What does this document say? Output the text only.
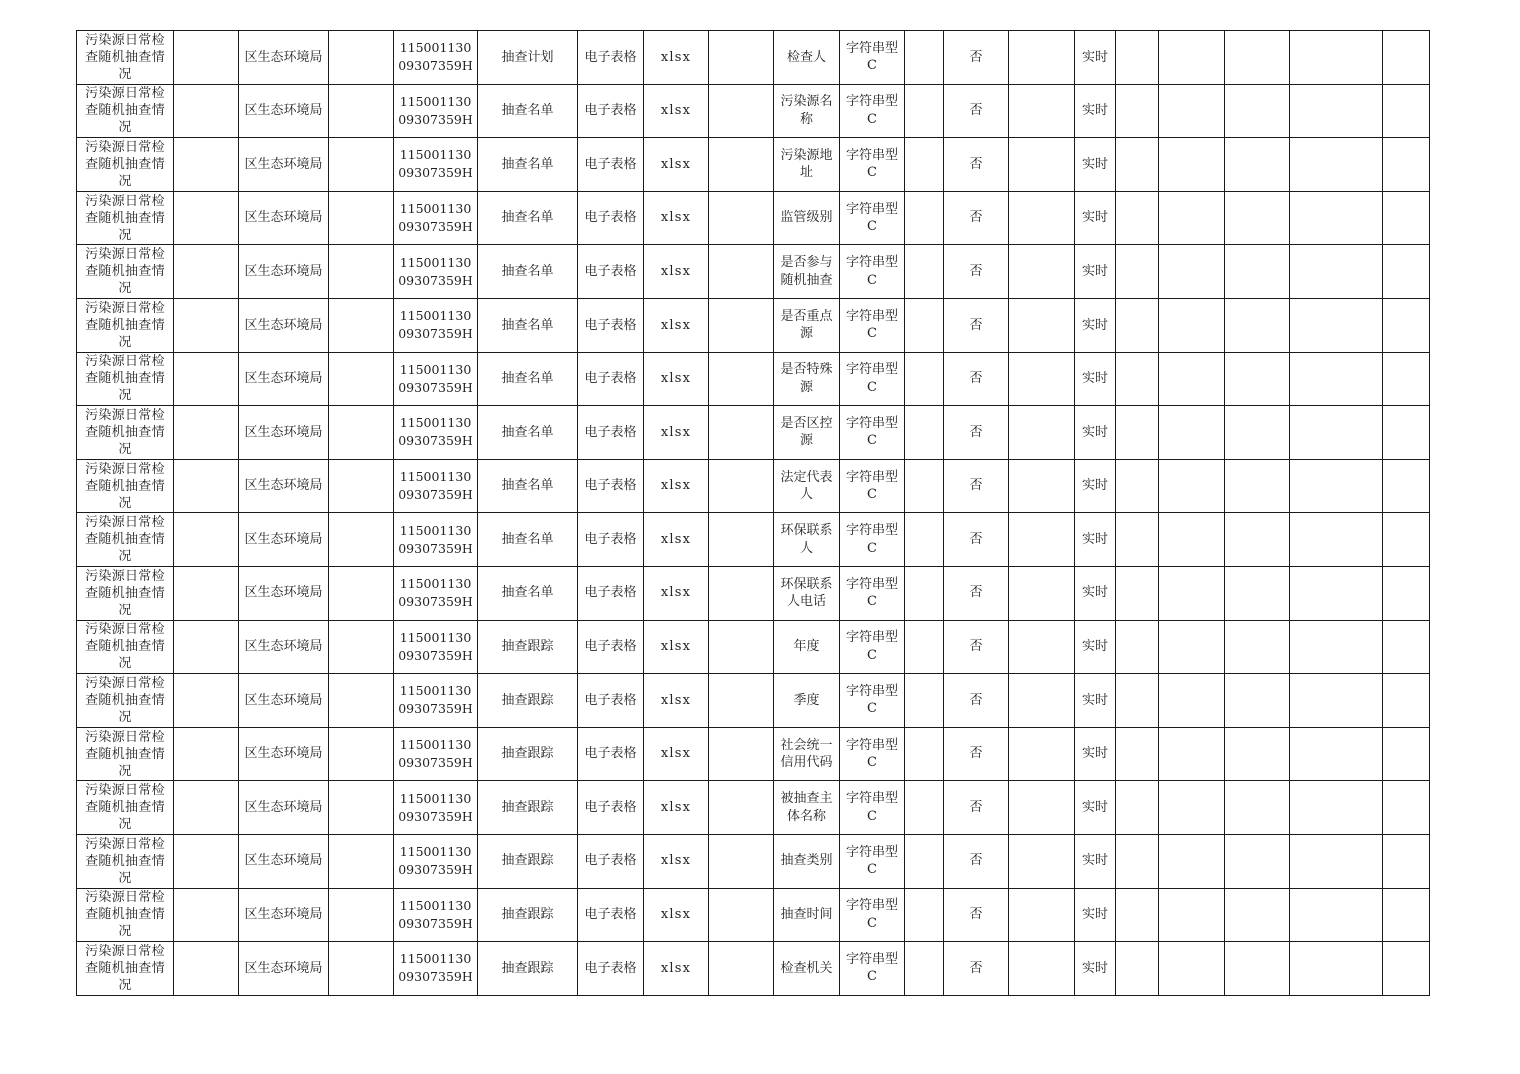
污染源日常检查随机抽查情况		区生态环境局		11500113009307359H	抽查计划	电子表格	xlsx		检查人	字符串型C		否		实时					
污染源日常检查随机抽查情况		区生态环境局		11500113009307359H	抽查名单	电子表格	xlsx		污染源名称	字符串型C		否		实时					
污染源日常检查随机抽查情况		区生态环境局		11500113009307359H	抽查名单	电子表格	xlsx		污染源地址	字符串型C		否		实时					
污染源日常检查随机抽查情况		区生态环境局		11500113009307359H	抽查名单	电子表格	xlsx		监管级别	字符串型C		否		实时					
污染源日常检查随机抽查情况		区生态环境局		11500113009307359H	抽查名单	电子表格	xlsx		是否参与随机抽查	字符串型C		否		实时					
污染源日常检查随机抽查情况		区生态环境局		11500113009307359H	抽查名单	电子表格	xlsx		是否重点源	字符串型C		否		实时					
污染源日常检查随机抽查情况		区生态环境局		11500113009307359H	抽查名单	电子表格	xlsx		是否特殊源	字符串型C		否		实时					
污染源日常检查随机抽查情况		区生态环境局		11500113009307359H	抽查名单	电子表格	xlsx		是否区控源	字符串型C		否		实时					
污染源日常检查随机抽查情况		区生态环境局		11500113009307359H	抽查名单	电子表格	xlsx		法定代表人	字符串型C		否		实时					
污染源日常检查随机抽查情况		区生态环境局		11500113009307359H	抽查名单	电子表格	xlsx		环保联系人	字符串型C		否		实时					
污染源日常检查随机抽查情况		区生态环境局		11500113009307359H	抽查名单	电子表格	xlsx		环保联系人电话	字符串型C		否		实时					
污染源日常检查随机抽查情况		区生态环境局		11500113009307359H	抽查跟踪	电子表格	xlsx		年度	字符串型C		否		实时					
污染源日常检查随机抽查情况		区生态环境局		11500113009307359H	抽查跟踪	电子表格	xlsx		季度	字符串型C		否		实时					
污染源日常检查随机抽查情况		区生态环境局		11500113009307359H	抽查跟踪	电子表格	xlsx		社会统一信用代码	字符串型C		否		实时					
污染源日常检查随机抽查情况		区生态环境局		11500113009307359H	抽查跟踪	电子表格	xlsx		被抽查主体名称	字符串型C		否		实时					
污染源日常检查随机抽查情况		区生态环境局		11500113009307359H	抽查跟踪	电子表格	xlsx		抽查类别	字符串型C		否		实时					
污染源日常检查随机抽查情况		区生态环境局		11500113009307359H	抽查跟踪	电子表格	xlsx		抽查时间	字符串型C		否		实时					
污染源日常检查随机抽查情况		区生态环境局		11500113009307359H	抽查跟踪	电子表格	xlsx		检查机关	字符串型C		否		实时					
